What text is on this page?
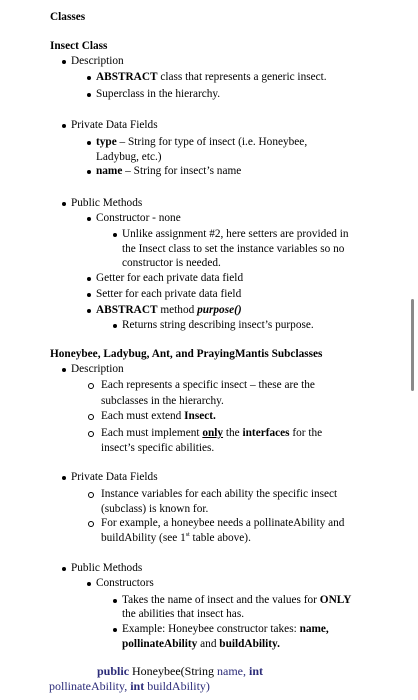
Classes
Insect Class
Description
ABSTRACT class that represents a generic insect.
Superclass in the hierarchy.
Private Data Fields
type – String for type of insect (i.e. Honeybee,
Ladybug, etc.)
name – String for insect’s name
Public Methods
Constructor - none
Unlike assignment #2, here setters are provided in
the Insect class to set the instance variables so no
constructor is needed.
Getter for each private data field
Setter for each private data field
ABSTRACT method purpose()
Returns string describing insect’s purpose.
Honeybee, Ladybug, Ant, and PrayingMantis Subclasses
Description
Each represents a specific insect – these are the
subclasses in the hierarchy.
Each must extend Insect.
Each must implement only the interfaces for the
insect’s specific abilities.
Private Data Fields
Instance variables for each ability the specific insect
(subclass) is known for.
For example, a honeybee needs a pollinateAbility and
buildAbility (see 1st table above).
Public Methods
Constructors
Takes the name of insect and the values for ONLY
the abilities that insect has.
Example: Honeybee constructor takes: name,
pollinateAbility and buildAbility.
public Honeybee(String name, int
pollinateAbility, int buildAbility)
